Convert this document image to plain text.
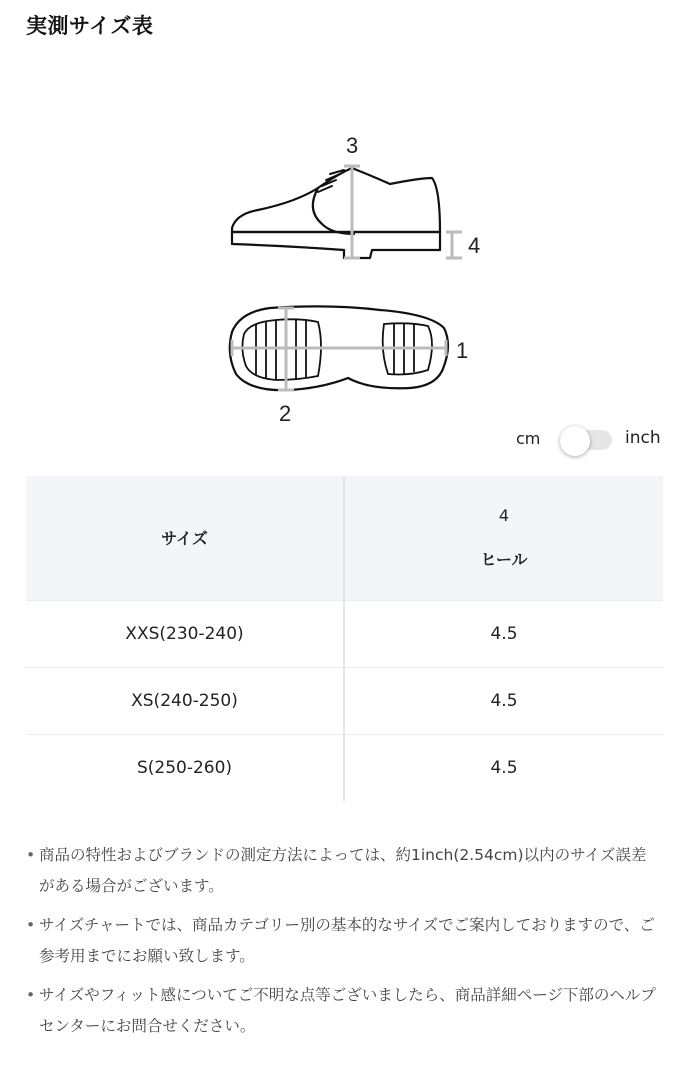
実測サイズ表
3
4
1
2
cm	inch
サイズ	4
ヒール

XXS(230-240)	4.5
XS(240-250)	4.5
S(250-260)	4.5
• 商品の特性およびブランドの測定方法によっては、約1inch(2.54cm)以内のサイズ誤差がある場合がございます。
• サイズチャートでは、商品カテゴリー別の基本的なサイズでご案内しておりますので、ご参考用までにお願い致します。
• サイズやフィット感についてご不明な点等ございましたら、商品詳細ページ下部のヘルプセンターにお問合せください。
